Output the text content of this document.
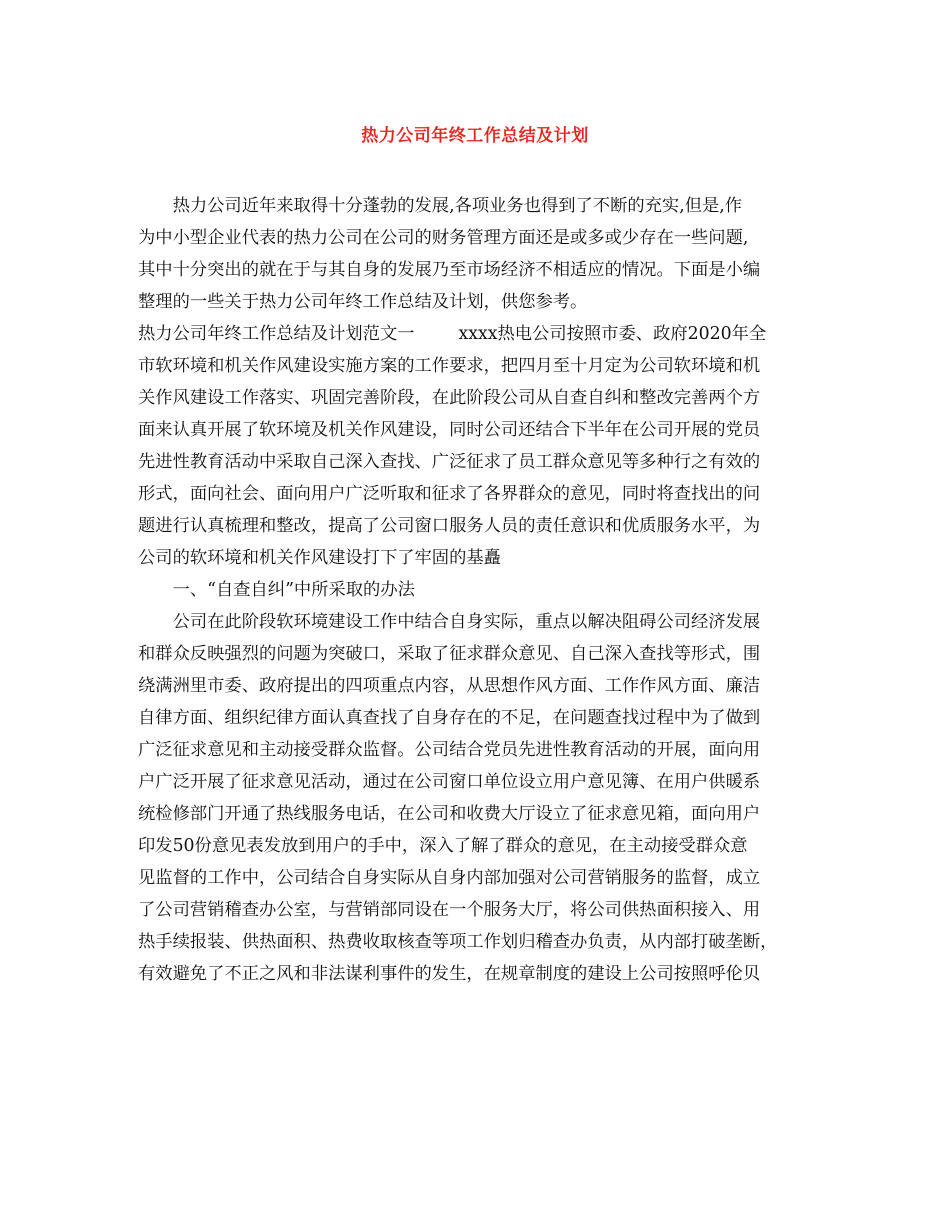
热力公司年终工作总结及计划
　　热力公司近年来取得十分蓬勃的发展,各项业务也得到了不断的充实,但是,作
为中小型企业代表的热力公司在公司的财务管理方面还是或多或少存在一些问题,
其中十分突出的就在于与其自身的发展乃至市场经济不相适应的情况。下面是小编
整理的一些关于热力公司年终工作总结及计划，供您参考。
热力公司年终工作总结及计划范文一	xxxx热电公司按照市委、政府2020年全
市软环境和机关作风建设实施方案的工作要求，把四月至十月定为公司软环境和机
关作风建设工作落实、巩固完善阶段，在此阶段公司从自查自纠和整改完善两个方
面来认真开展了软环境及机关作风建设，同时公司还结合下半年在公司开展的党员
先进性教育活动中采取自己深入查找、广泛征求了员工群众意见等多种行之有效的
形式，面向社会、面向用户广泛听取和征求了各界群众的意见，同时将查找出的问
题进行认真梳理和整改，提高了公司窗口服务人员的责任意识和优质服务水平，为
公司的软环境和机关作风建设打下了牢固的基矗
　　一、“自查自纠”中所采取的办法
　　公司在此阶段软环境建设工作中结合自身实际，重点以解决阻碍公司经济发展
和群众反映强烈的问题为突破口，采取了征求群众意见、自己深入查找等形式，围
绕满洲里市委、政府提出的四项重点内容，从思想作风方面、工作作风方面、廉洁
自律方面、组织纪律方面认真查找了自身存在的不足，在问题查找过程中为了做到
广泛征求意见和主动接受群众监督。公司结合党员先进性教育活动的开展，面向用
户广泛开展了征求意见活动，通过在公司窗口单位设立用户意见簿、在用户供暖系
统检修部门开通了热线服务电话，在公司和收费大厅设立了征求意见箱，面向用户
印发50份意见表发放到用户的手中，深入了解了群众的意见，在主动接受群众意
见监督的工作中，公司结合自身实际从自身内部加强对公司营销服务的监督，成立
了公司营销稽查办公室，与营销部同设在一个服务大厅，将公司供热面积接入、用
热手续报装、供热面积、热费收取核查等项工作划归稽查办负责，从内部打破垄断，
有效避免了不正之风和非法谋利事件的发生，在规章制度的建设上公司按照呼伦贝
